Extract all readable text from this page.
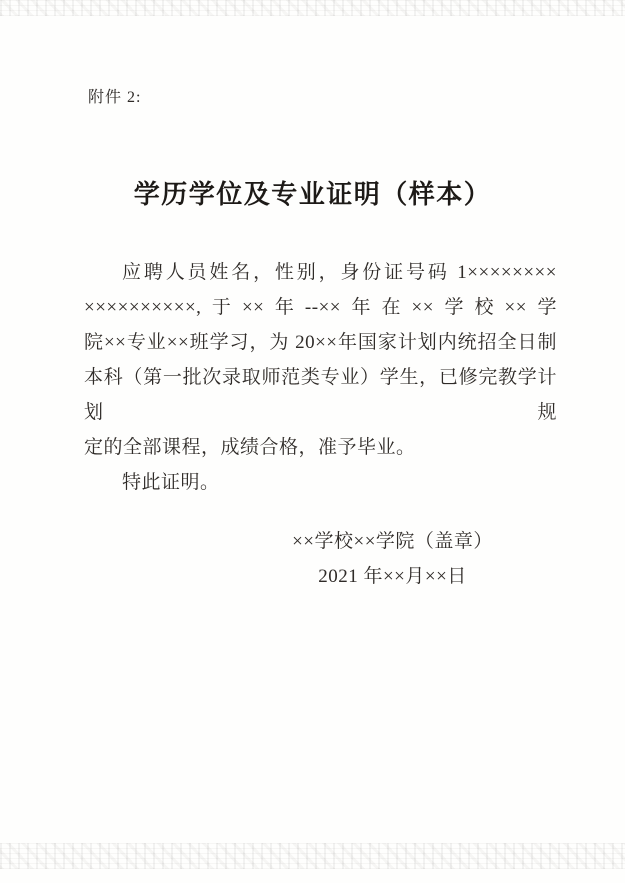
附件 2:
学历学位及专业证明（样本）
应聘人员姓名，性别，身份证号码 1××××××××
××××××××××,于××年--××年在××学校××学
院××专业××班学习，为 20××年国家计划内统招全日制
本科（第一批次录取师范类专业）学生，已修完教学计划规
定的全部课程，成绩合格，准予毕业。
特此证明。
××学校××学院（盖章）
2021 年××月××日
